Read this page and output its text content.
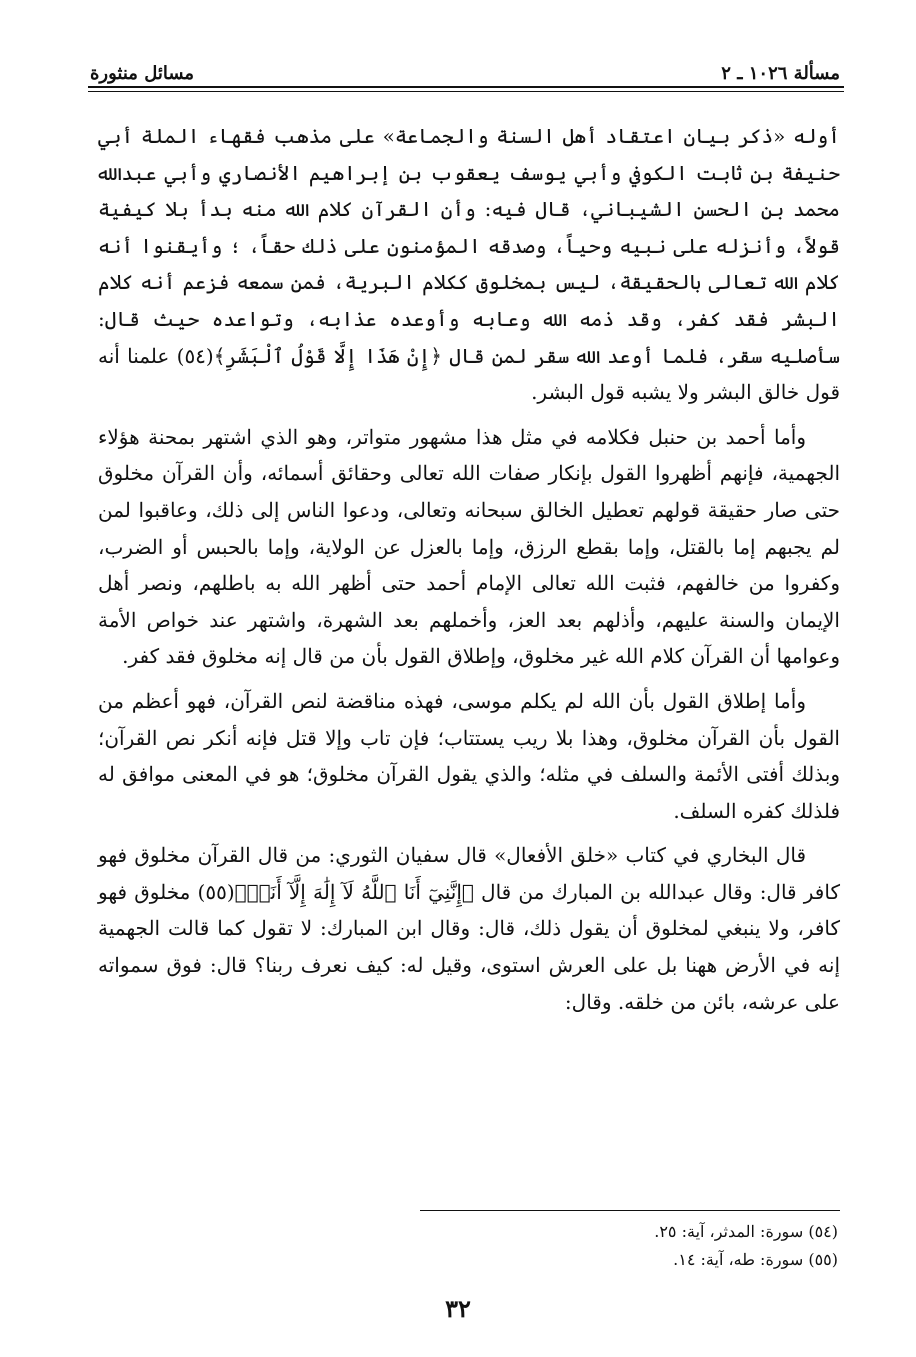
مسألة ١٠٢٦ ـ ٢
مسائل منثورة

أوله «ذكر بيان اعتقاد أهل السنة والجماعة» على مذهب فقهاء الملة أبي حنيفة بن ثابت الكوفي وأبي يوسف يعقوب بن إبراهيم الأنصاري وأبي عبدالله محمد بن الحسن الشيباني، قال فيه: وأن القرآن كلام الله منه بدأ بلا كيفية قولاً، وأنزله على نبيه وحياً، وصدقه المؤمنون على ذلك حقاً، ؛ وأيقنوا أنه كلام الله تعالى بالحقيقة، ليس بمخلوق ككلام البرية، فمن سمعه فزعم أنه كلام البشر فقد كفر، وقد ذمه الله وعابه وأوعده عذابه، وتواعده حيث قال: سأصليه سقر، فلما أوعد الله سقر لمن قال ﴿إِنْ هَذَا إِلَّا قَوْلُ ٱلْبَشَرِ﴾(٥٤) علمنا أنه قول خالق البشر ولا يشبه قول البشر.

وأما أحمد بن حنبل فكلامه في مثل هذا مشهور متواتر، وهو الذي اشتهر بمحنة هؤلاء الجهمية، فإنهم أظهروا القول بإنكار صفات الله تعالى وحقائق أسمائه، وأن القرآن مخلوق حتى صار حقيقة قولهم تعطيل الخالق سبحانه وتعالى، ودعوا الناس إلى ذلك، وعاقبوا لمن لم يجبهم إما بالقتل، وإما بقطع الرزق، وإما بالعزل عن الولاية، وإما بالحبس أو الضرب، وكفروا من خالفهم، فثبت الله تعالى الإمام أحمد حتى أظهر الله به باطلهم، ونصر أهل الإيمان والسنة عليهم، وأذلهم بعد العز، وأخملهم بعد الشهرة، واشتهر عند خواص الأمة وعوامها أن القرآن كلام الله غير مخلوق، وإطلاق القول بأن من قال إنه مخلوق فقد كفر.

وأما إطلاق القول بأن الله لم يكلم موسى، فهذه مناقضة لنص القرآن، فهو أعظم من القول بأن القرآن مخلوق، وهذا بلا ريب يستتاب؛ فإن تاب وإلا قتل فإنه أنكر نص القرآن؛ وبذلك أفتى الأئمة والسلف في مثله؛ والذي يقول القرآن مخلوق؛ هو في المعنى موافق له فلذلك كفره السلف.

قال البخاري في كتاب «خلق الأفعال» قال سفيان الثوري: من قال القرآن مخلوق فهو كافر قال: وقال عبدالله بن المبارك من قال ﴿إِنَّنِيٓ أَنَا ٱللَّهُ لَآ إِلَٰهَ إِلَّآ أَنَا۠﴾(٥٥) مخلوق فهو كافر، ولا ينبغي لمخلوق أن يقول ذلك، قال: وقال ابن المبارك: لا تقول كما قالت الجهمية إنه في الأرض ههنا بل على العرش استوى، وقيل له: كيف نعرف ربنا؟ قال: فوق سمواته على عرشه، بائن من خلقه. وقال:

(٥٤) سورة: المدثر، آية: ٢٥.
(٥٥) سورة: طه، آية: ١٤.
٣٢
